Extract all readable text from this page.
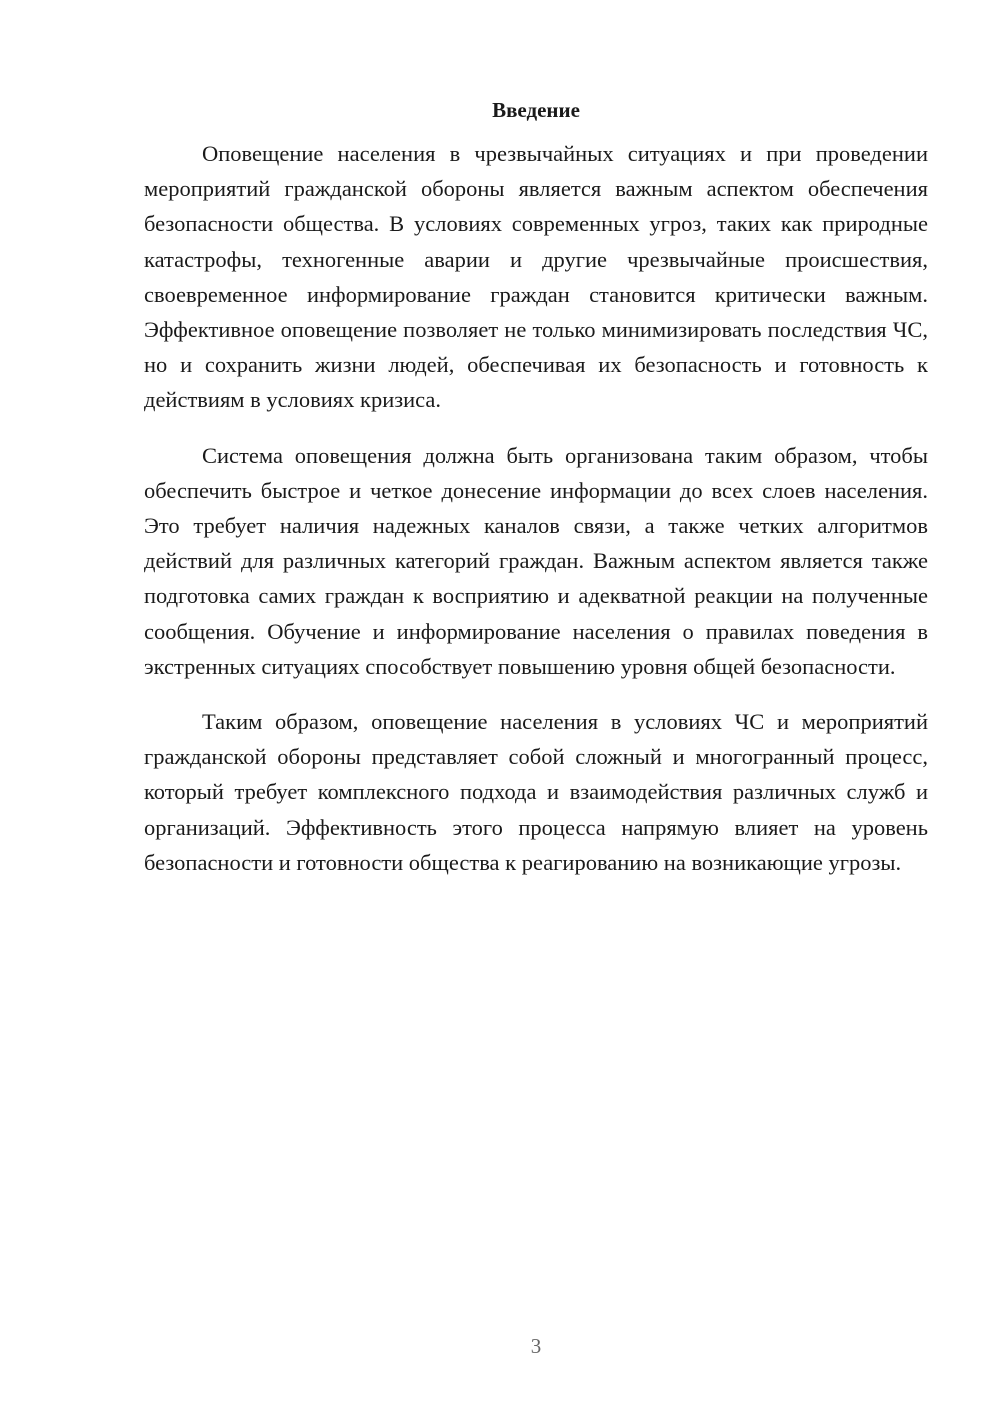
Введение

Оповещение населения в чрезвычайных ситуациях и при проведении мероприятий гражданской обороны является важным аспектом обеспечения безопасности общества. В условиях современных угроз, таких как природные катастрофы, техногенные аварии и другие чрезвычайные происшествия, своевременное информирование граждан становится критически важным. Эффективное оповещение позволяет не только минимизировать последствия ЧС, но и сохранить жизни людей, обеспечивая их безопасность и готовность к действиям в условиях кризиса.

Система оповещения должна быть организована таким образом, чтобы обеспечить быстрое и четкое донесение информации до всех слоев населения. Это требует наличия надежных каналов связи, а также четких алгоритмов действий для различных категорий граждан. Важным аспектом является также подготовка самих граждан к восприятию и адекватной реакции на полученные сообщения. Обучение и информирование населения о правилах поведения в экстренных ситуациях способствует повышению уровня общей безопасности.

Таким образом, оповещение населения в условиях ЧС и мероприятий гражданской обороны представляет собой сложный и многогранный процесс, который требует комплексного подхода и взаимодействия различных служб и организаций. Эффективность этого процесса напрямую влияет на уровень безопасности и готовности общества к реагированию на возникающие угрозы.

3
